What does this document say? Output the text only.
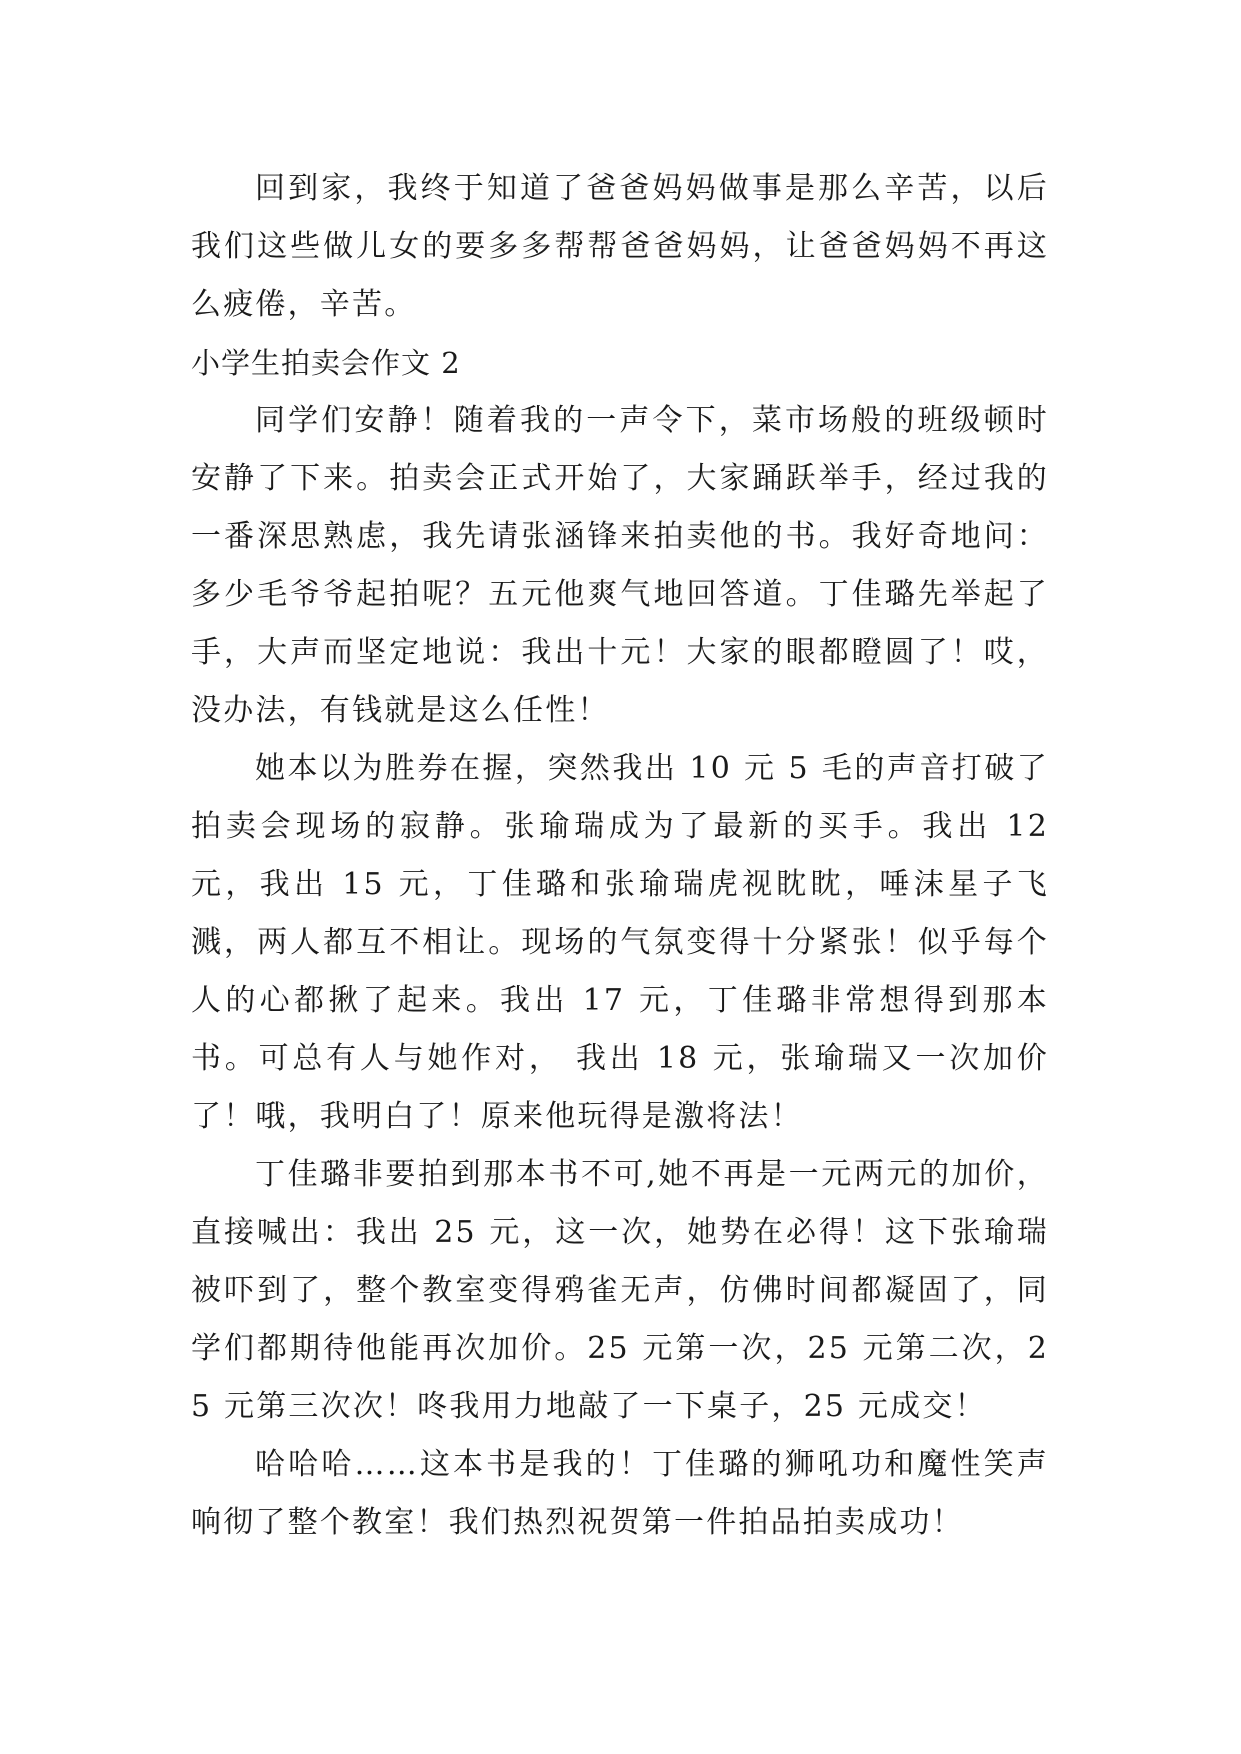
回到家，我终于知道了爸爸妈妈做事是那么辛苦，以后我们这些做儿女的要多多帮帮爸爸妈妈，让爸爸妈妈不再这么疲倦，辛苦。

小学生拍卖会作文 2

同学们安静！随着我的一声令下，菜市场般的班级顿时安静了下来。拍卖会正式开始了，大家踊跃举手，经过我的一番深思熟虑，我先请张涵锋来拍卖他的书。我好奇地问：多少毛爷爷起拍呢？五元他爽气地回答道。丁佳璐先举起了手，大声而坚定地说：我出十元！大家的眼都瞪圆了！哎，没办法，有钱就是这么任性！

她本以为胜券在握，突然我出 10 元 5 毛的声音打破了拍卖会现场的寂静。张瑜瑞成为了最新的买手。我出 12 元，我出 15 元，丁佳璐和张瑜瑞虎视眈眈，唾沫星子飞溅，两人都互不相让。现场的气氛变得十分紧张！似乎每个人的心都揪了起来。我出 17 元，丁佳璐非常想得到那本书。可总有人与她作对， 我出 18 元，张瑜瑞又一次加价了！哦，我明白了！原来他玩得是激将法！

丁佳璐非要拍到那本书不可,她不再是一元两元的加价，直接喊出：我出 25 元，这一次，她势在必得！这下张瑜瑞被吓到了，整个教室变得鸦雀无声，仿佛时间都凝固了，同学们都期待他能再次加价。25 元第一次，25 元第二次，25 元第三次次！咚我用力地敲了一下桌子，25 元成交！

哈哈哈……这本书是我的！丁佳璐的狮吼功和魔性笑声响彻了整个教室！我们热烈祝贺第一件拍品拍卖成功！
